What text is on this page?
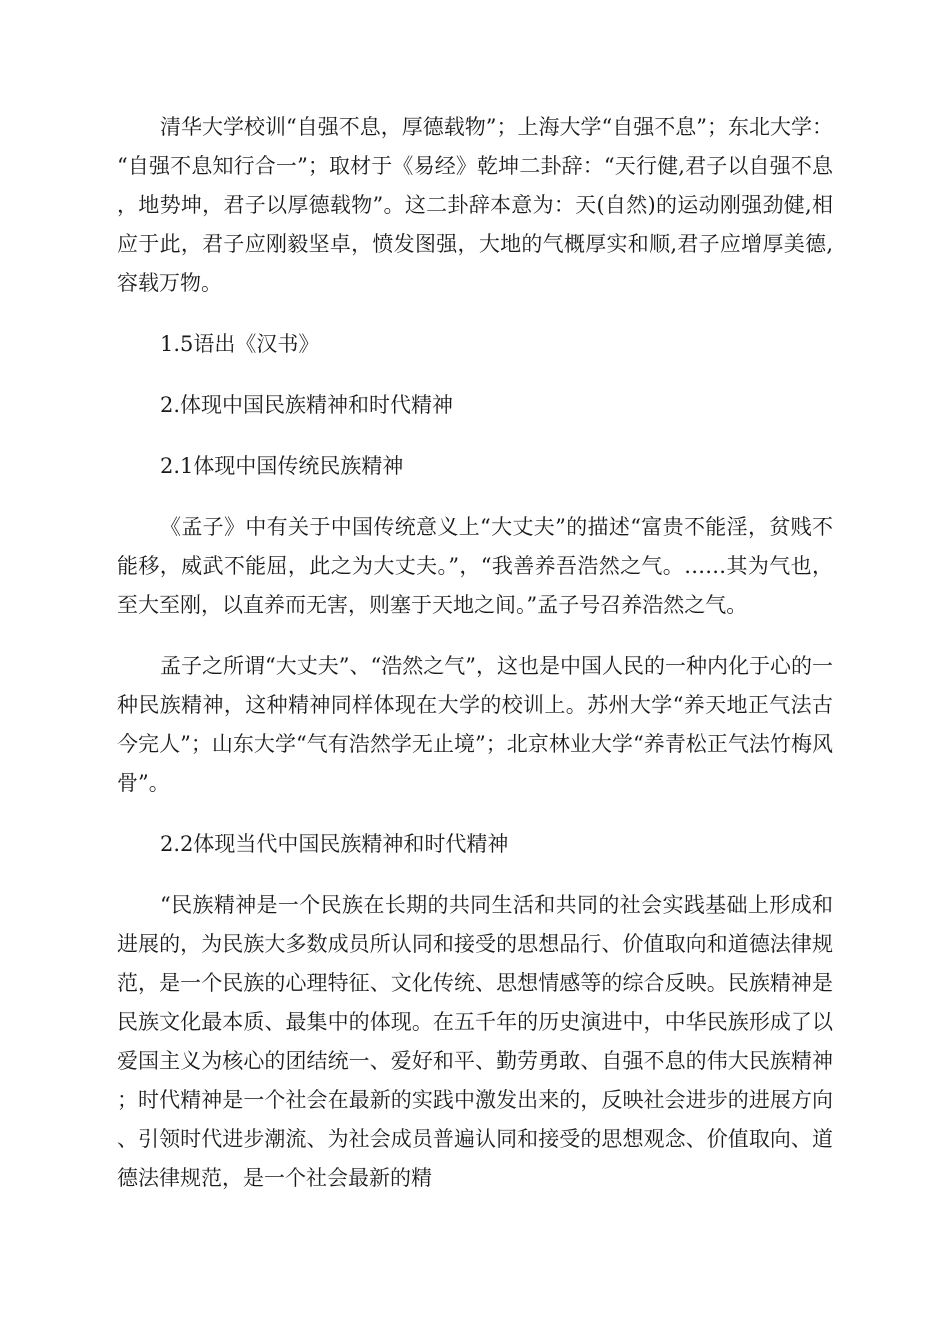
清华大学校训“自强不息，厚德载物”；上海大学“自强不息”；东北大学：“自强不息知行合一”；取材于《易经》乾坤二卦辞：“天行健,君子以自强不息，地势坤，君子以厚德载物”。这二卦辞本意为：天(自然)的运动刚强劲健,相应于此，君子应刚毅坚卓，愤发图强，大地的气概厚实和顺,君子应增厚美德,容载万物。

1.5语出《汉书》

2.体现中国民族精神和时代精神

2.1体现中国传统民族精神

《孟子》中有关于中国传统意义上“大丈夫”的描述“富贵不能淫，贫贱不能移，威武不能屈，此之为大丈夫。”，“我善养吾浩然之气。……其为气也，至大至刚，以直养而无害，则塞于天地之间。”孟子号召养浩然之气。

孟子之所谓“大丈夫”、“浩然之气”，这也是中国人民的一种内化于心的一种民族精神，这种精神同样体现在大学的校训上。苏州大学“养天地正气法古今完人”；山东大学“气有浩然学无止境”；北京林业大学“养青松正气法竹梅风骨”。

2.2体现当代中国民族精神和时代精神

“民族精神是一个民族在长期的共同生活和共同的社会实践基础上形成和进展的，为民族大多数成员所认同和接受的思想品行、价值取向和道德法律规范，是一个民族的心理特征、文化传统、思想情感等的综合反映。民族精神是民族文化最本质、最集中的体现。在五千年的历史演进中，中华民族形成了以爱国主义为核心的团结统一、爱好和平、勤劳勇敢、自强不息的伟大民族精神；时代精神是一个社会在最新的实践中激发出来的，反映社会进步的进展方向、引领时代进步潮流、为社会成员普遍认同和接受的思想观念、价值取向、道德法律规范，是一个社会最新的精
